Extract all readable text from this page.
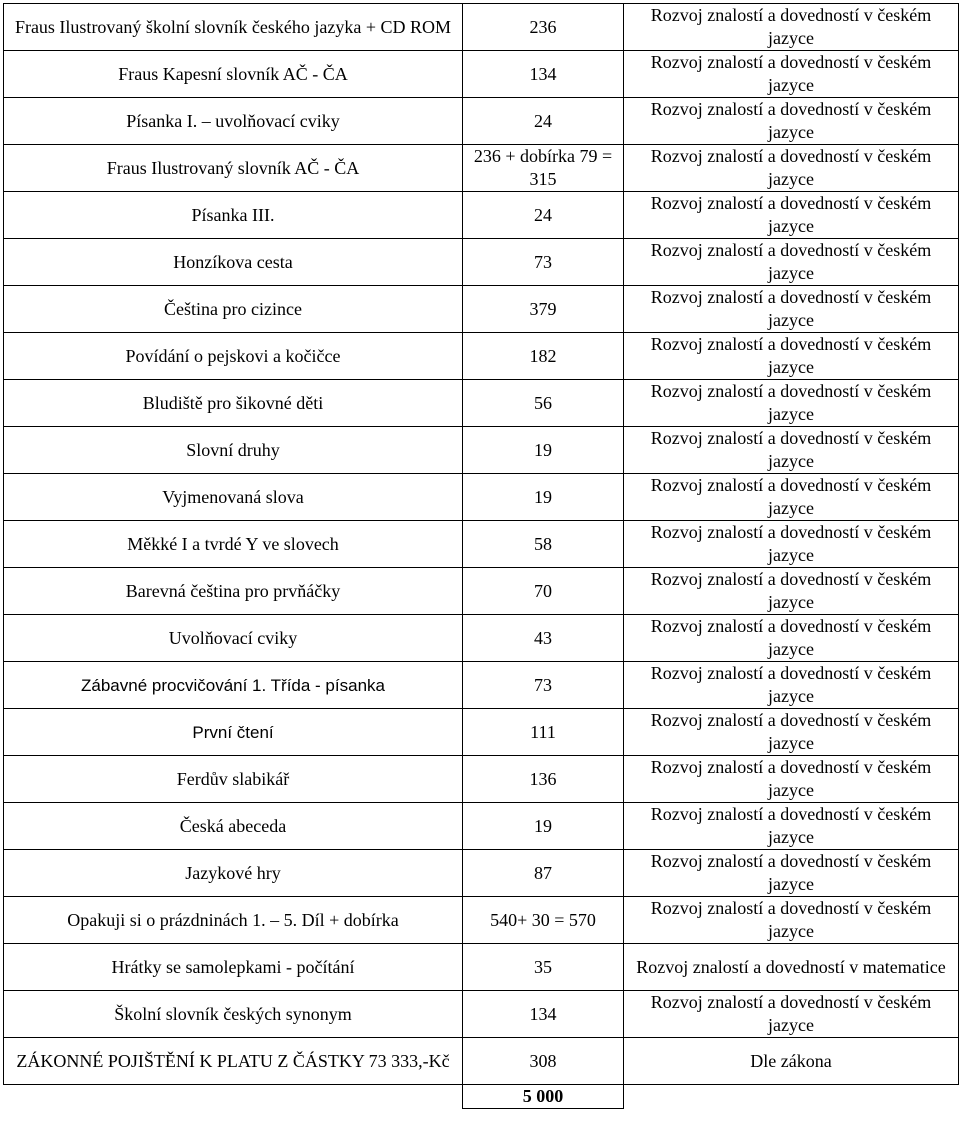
Fraus Ilustrovaný školní slovník českého jazyka + CD ROM	236	Rozvoj znalostí a dovedností v českém jazyce
Fraus Kapesní slovník AČ - ČA	134	Rozvoj znalostí a dovedností v českém jazyce
Písanka I. – uvolňovací cviky	24	Rozvoj znalostí a dovedností v českém jazyce
Fraus Ilustrovaný slovník AČ - ČA	236 + dobírka 79 = 315	Rozvoj znalostí a dovedností v českém jazyce
Písanka III.	24	Rozvoj znalostí a dovedností v českém jazyce
Honzíkova cesta	73	Rozvoj znalostí a dovedností v českém jazyce
Čeština pro cizince	379	Rozvoj znalostí a dovedností v českém jazyce
Povídání o pejskovi a kočičce	182	Rozvoj znalostí a dovedností v českém jazyce
Bludiště pro šikovné děti	56	Rozvoj znalostí a dovedností v českém jazyce
Slovní druhy	19	Rozvoj znalostí a dovedností v českém jazyce
Vyjmenovaná slova	19	Rozvoj znalostí a dovedností v českém jazyce
Měkké I a tvrdé Y ve slovech	58	Rozvoj znalostí a dovedností v českém jazyce
Barevná čeština pro prvňáčky	70	Rozvoj znalostí a dovedností v českém jazyce
Uvolňovací cviky	43	Rozvoj znalostí a dovedností v českém jazyce
Zábavné procvičování 1. Třída - písanka	73	Rozvoj znalostí a dovedností v českém jazyce
První čtení	111	Rozvoj znalostí a dovedností v českém jazyce
Ferdův slabikář	136	Rozvoj znalostí a dovedností v českém jazyce
Česká abeceda	19	Rozvoj znalostí a dovedností v českém jazyce
Jazykové hry	87	Rozvoj znalostí a dovedností v českém jazyce
Opakuji si o prázdninách 1. – 5. Díl + dobírka	540+ 30 = 570	Rozvoj znalostí a dovedností v českém jazyce
Hrátky se samolepkami - počítání	35	Rozvoj znalostí a dovedností v matematice
Školní slovník českých synonym	134	Rozvoj znalostí a dovedností v českém jazyce
ZÁKONNÉ POJIŠTĚNÍ K PLATU Z ČÁSTKY 73 333,-Kč	308	Dle zákona
	5 000	
